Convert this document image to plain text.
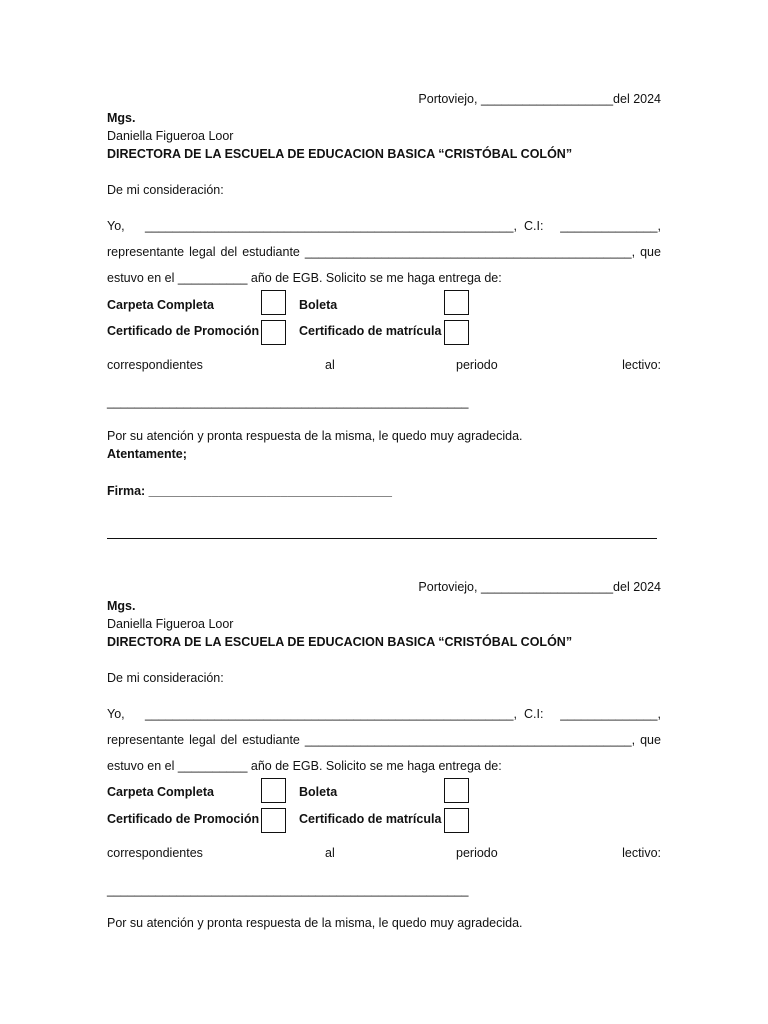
Portoviejo, ___________________del 2024
Mgs.
Daniella Figueroa Loor
DIRECTORA DE LA ESCUELA DE EDUCACION BASICA “CRISTÓBAL COLÓN”
De mi consideración:
Yo, _____________________________________________________, C.I: ______________,
representante legal del estudiante _______________________________________________, que
estuvo en el __________ año de EGB. Solicito se me haga entrega de:
Carpeta Completa	Boleta
Certificado de Promoción	Certificado de matrícula
correspondientes	al	periodo	lectivo:
____________________________________________________
Por su atención y pronta respuesta de la misma, le quedo muy agradecida.
Atentamente;
Firma: ___________________________________
Portoviejo, ___________________del 2024
Mgs.
Daniella Figueroa Loor
DIRECTORA DE LA ESCUELA DE EDUCACION BASICA “CRISTÓBAL COLÓN”
De mi consideración:
Yo, _____________________________________________________, C.I: ______________,
representante legal del estudiante _______________________________________________, que
estuvo en el __________ año de EGB. Solicito se me haga entrega de:
Carpeta Completa	Boleta
Certificado de Promoción	Certificado de matrícula
correspondientes	al	periodo	lectivo:
____________________________________________________
Por su atención y pronta respuesta de la misma, le quedo muy agradecida.
